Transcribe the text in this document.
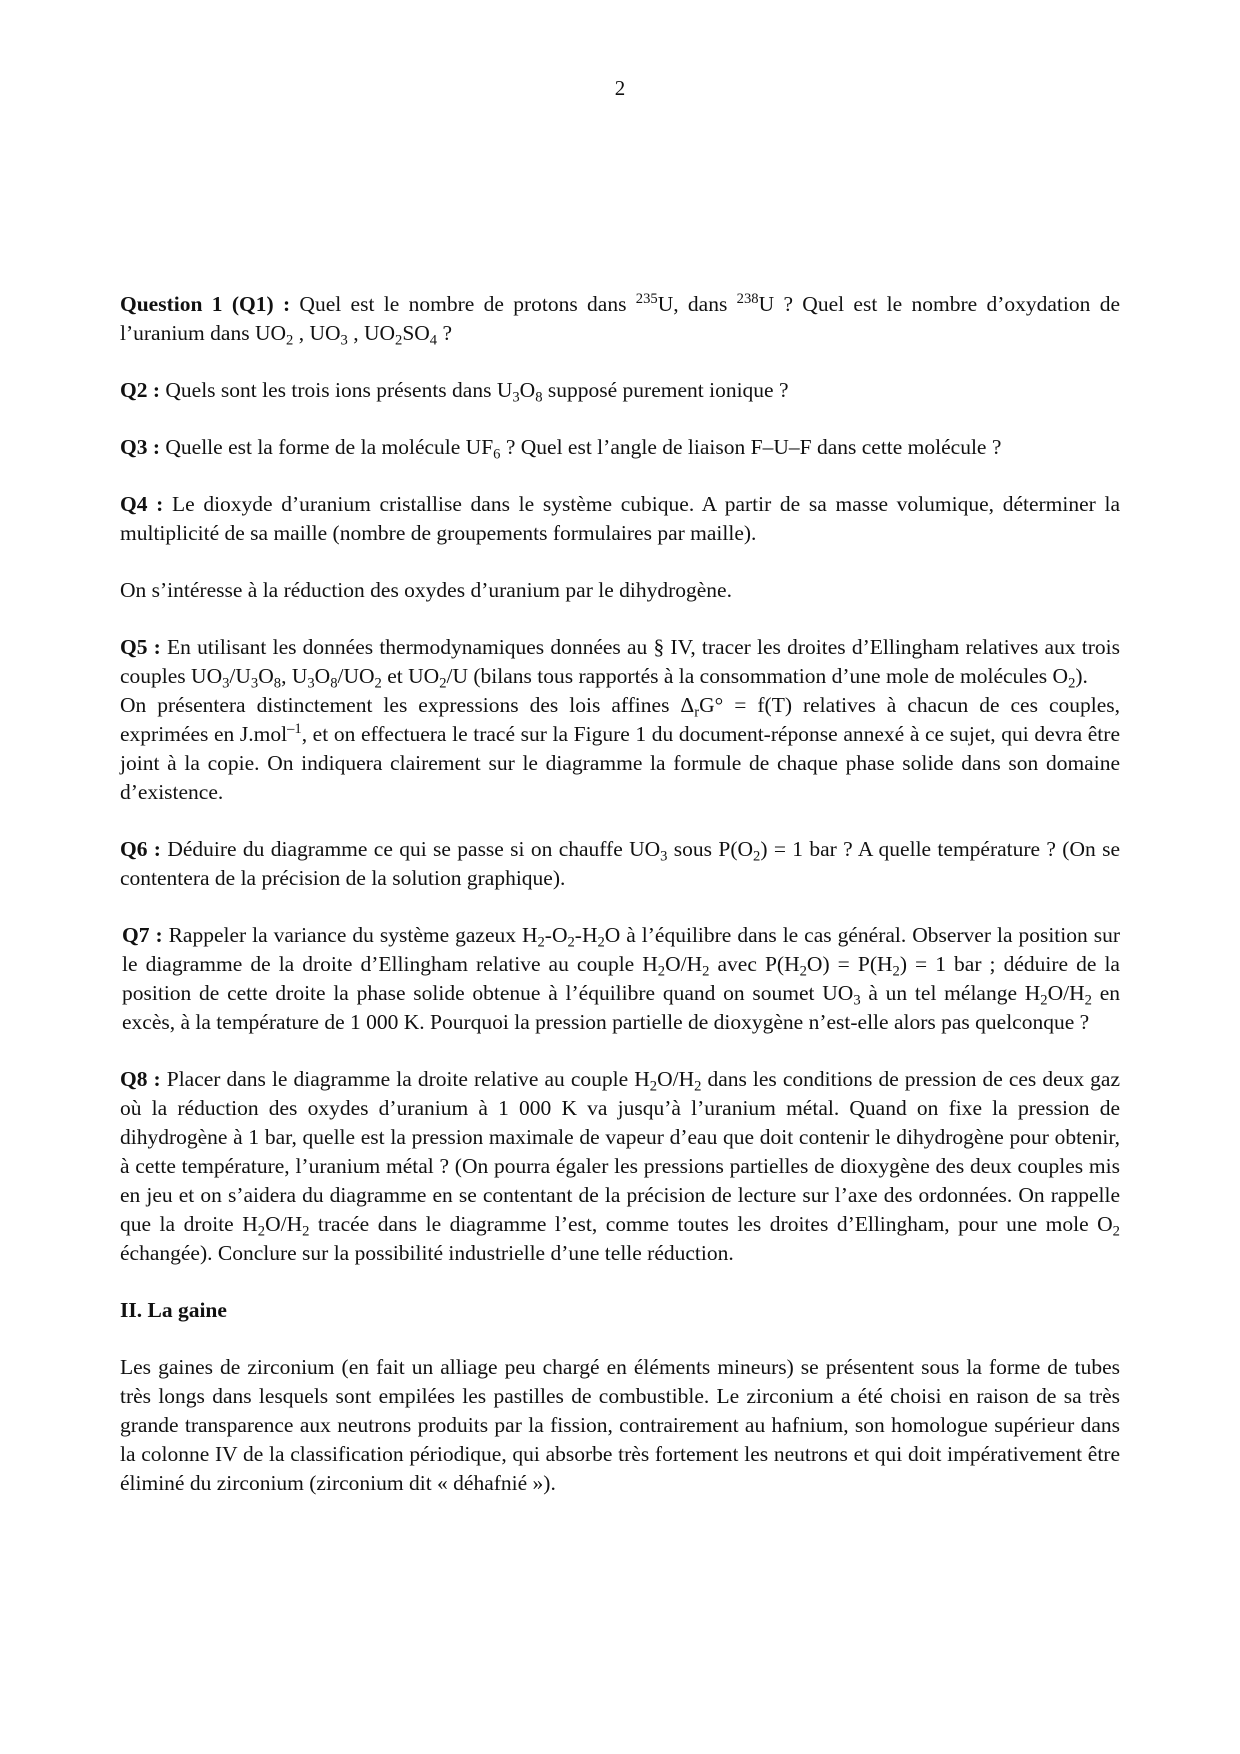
2

Question 1 (Q1) : Quel est le nombre de protons dans $^{235}$U, dans $^{238}$U ? Quel est le nombre d’oxydation de l’uranium dans $UO_2$ , $UO_3$ , $UO_2SO_4$ ?

Q2 : Quels sont les trois ions présents dans $U_3O_8$ supposé purement ionique ?

Q3 : Quelle est la forme de la molécule $UF_6$ ? Quel est l’angle de liaison F–U–F dans cette molécule ?

Q4 : Le dioxyde d’uranium cristallise dans le système cubique. A partir de sa masse volumique, déterminer la multiplicité de sa maille (nombre de groupements formulaires par maille).

On s’intéresse à la réduction des oxydes d’uranium par le dihydrogène.

Q5 : En utilisant les données thermodynamiques données au § IV, tracer les droites d’Ellingham relatives aux trois couples $UO_3/U_3O_8$, $U_3O_8/UO_2$ et $UO_2/U$ (bilans tous rapportés à la consommation d’une mole de molécules $O_2$).

On présentera distinctement les expressions des lois affines $\Delta_rG^\circ = f(T)$ relatives à chacun de ces couples, exprimées en J.mol$^{-1}$, et on effectuera le tracé sur la Figure 1 du document-réponse annexé à ce sujet, qui devra être joint à la copie. On indiquera clairement sur le diagramme la formule de chaque phase solide dans son domaine d’existence.

Q6 : Déduire du diagramme ce qui se passe si on chauffe $UO_3$ sous $P(O_2) = 1$ bar ? A quelle température ? (On se contentera de la précision de la solution graphique).

Q7 : Rappeler la variance du système gazeux $H_2-O_2-H_2O$ à l’équilibre dans le cas général. Observer la position sur le diagramme de la droite d’Ellingham relative au couple $H_2O/H_2$ avec $P(H_2O) = P(H_2) = 1$ bar ; déduire de la position de cette droite la phase solide obtenue à l’équilibre quand on soumet $UO_3$ à un tel mélange $H_2O/H_2$ en excès, à la température de 1 000 K. Pourquoi la pression partielle de dioxygène n’est-elle alors pas quelconque ?

Q8 : Placer dans le diagramme la droite relative au couple $H_2O/H_2$ dans les conditions de pression de ces deux gaz où la réduction des oxydes d’uranium à 1 000 K va jusqu’à l’uranium métal. Quand on fixe la pression de dihydrogène à 1 bar, quelle est la pression maximale de vapeur d’eau que doit contenir le dihydrogène pour obtenir, à cette température, l’uranium métal ? (On pourra égaler les pressions partielles de dioxygène des deux couples mis en jeu et on s’aidera du diagramme en se contentant de la précision de lecture sur l’axe des ordonnées. On rappelle que la droite $H_2O/H_2$ tracée dans le diagramme l’est, comme toutes les droites d’Ellingham, pour une mole $O_2$ échangée). Conclure sur la possibilité industrielle d’une telle réduction.

II. La gaine

Les gaines de zirconium (en fait un alliage peu chargé en éléments mineurs) se présentent sous la forme de tubes très longs dans lesquels sont empilées les pastilles de combustible. Le zirconium a été choisi en raison de sa très grande transparence aux neutrons produits par la fission, contrairement au hafnium, son homologue supérieur dans la colonne IV de la classification périodique, qui absorbe très fortement les neutrons et qui doit impérativement être éliminé du zirconium (zirconium dit « déhafnié »).
